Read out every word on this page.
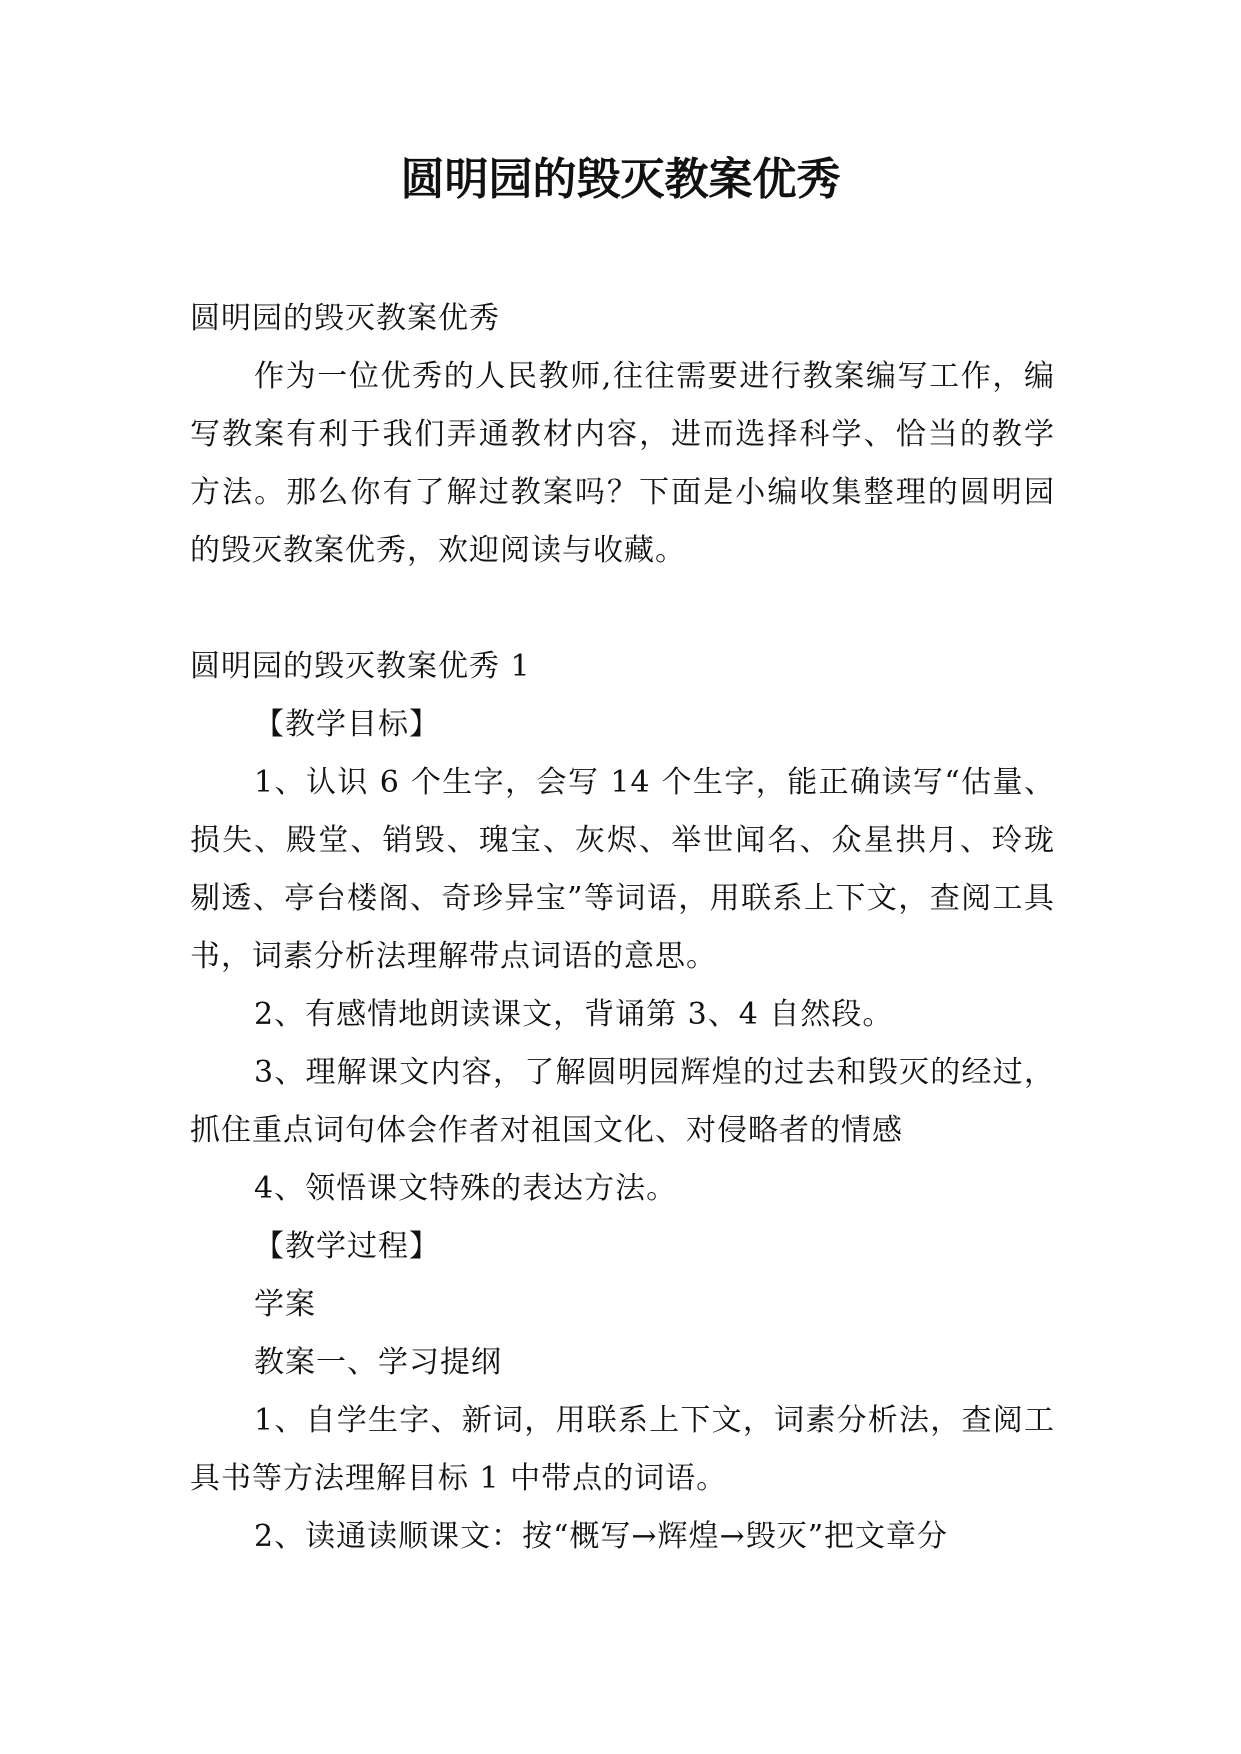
圆明园的毁灭教案优秀

圆明园的毁灭教案优秀

作为一位优秀的人民教师,往往需要进行教案编写工作，编写教案有利于我们弄通教材内容，进而选择科学、恰当的教学方法。那么你有了解过教案吗？下面是小编收集整理的圆明园的毁灭教案优秀，欢迎阅读与收藏。

圆明园的毁灭教案优秀 1

【教学目标】

1、认识 6 个生字，会写 14 个生字，能正确读写“估量、损失、殿堂、销毁、瑰宝、灰烬、举世闻名、众星拱月、玲珑剔透、亭台楼阁、奇珍异宝”等词语，用联系上下文，查阅工具书，词素分析法理解带点词语的意思。

2、有感情地朗读课文，背诵第 3、4 自然段。

3、理解课文内容，了解圆明园辉煌的过去和毁灭的经过，抓住重点词句体会作者对祖国文化、对侵略者的情感

4、领悟课文特殊的表达方法。

【教学过程】

学案

教案一、学习提纲

1、自学生字、新词，用联系上下文，词素分析法，查阅工具书等方法理解目标 1 中带点的词语。

2、读通读顺课文：按“概写→辉煌→毁灭”把文章分
